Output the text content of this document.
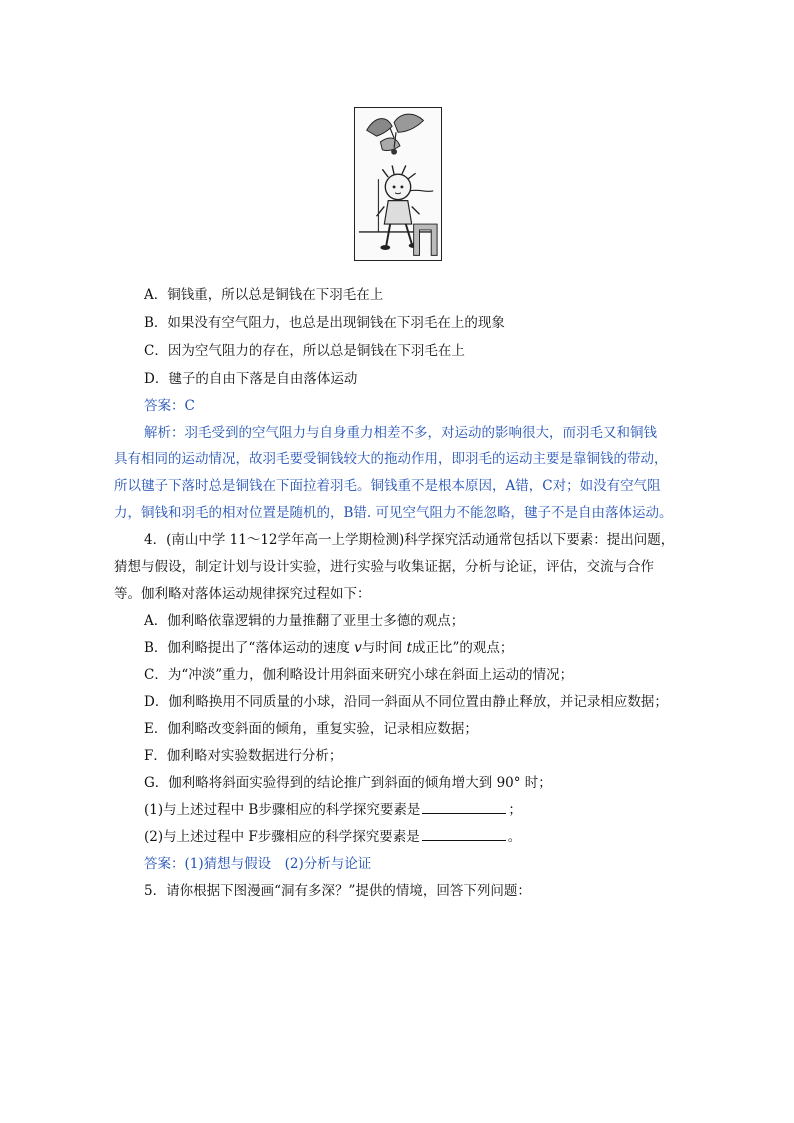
A．铜钱重，所以总是铜钱在下羽毛在上
B．如果没有空气阻力，也总是出现铜钱在下羽毛在上的现象
C．因为空气阻力的存在，所以总是铜钱在下羽毛在上
D．毽子的自由下落是自由落体运动
答案：C
解析：羽毛受到的空气阻力与自身重力相差不多，对运动的影响很大，而羽毛又和铜钱
具有相同的运动情况，故羽毛要受铜钱较大的拖动作用，即羽毛的运动主要是靠铜钱的带动，
所以毽子下落时总是铜钱在下面拉着羽毛。铜钱重不是根本原因，A错，C对；如没有空气阻
力，铜钱和羽毛的相对位置是随机的，B错. 可见空气阻力不能忽略，毽子不是自由落体运动。
4．(南山中学 11～12学年高一上学期检测)科学探究活动通常包括以下要素：提出问题，
猜想与假设，制定计划与设计实验，进行实验与收集证据，分析与论证，评估，交流与合作
等。伽利略对落体运动规律探究过程如下：
A．伽利略依靠逻辑的力量推翻了亚里士多德的观点；
B．伽利略提出了“落体运动的速度 v与时间 t成正比”的观点；
C．为“冲淡”重力，伽利略设计用斜面来研究小球在斜面上运动的情况；
D．伽利略换用不同质量的小球，沿同一斜面从不同位置由静止释放，并记录相应数据；
E．伽利略改变斜面的倾角，重复实验，记录相应数据；
F．伽利略对实验数据进行分析；
G．伽利略将斜面实验得到的结论推广到斜面的倾角增大到 90° 时；
(1)与上述过程中 B步骤相应的科学探究要素是	；
(2)与上述过程中 F步骤相应的科学探究要素是	。
答案：(1)猜想与假设　(2)分析与论证
5．请你根据下图漫画“洞有多深？”提供的情境，回答下列问题：
